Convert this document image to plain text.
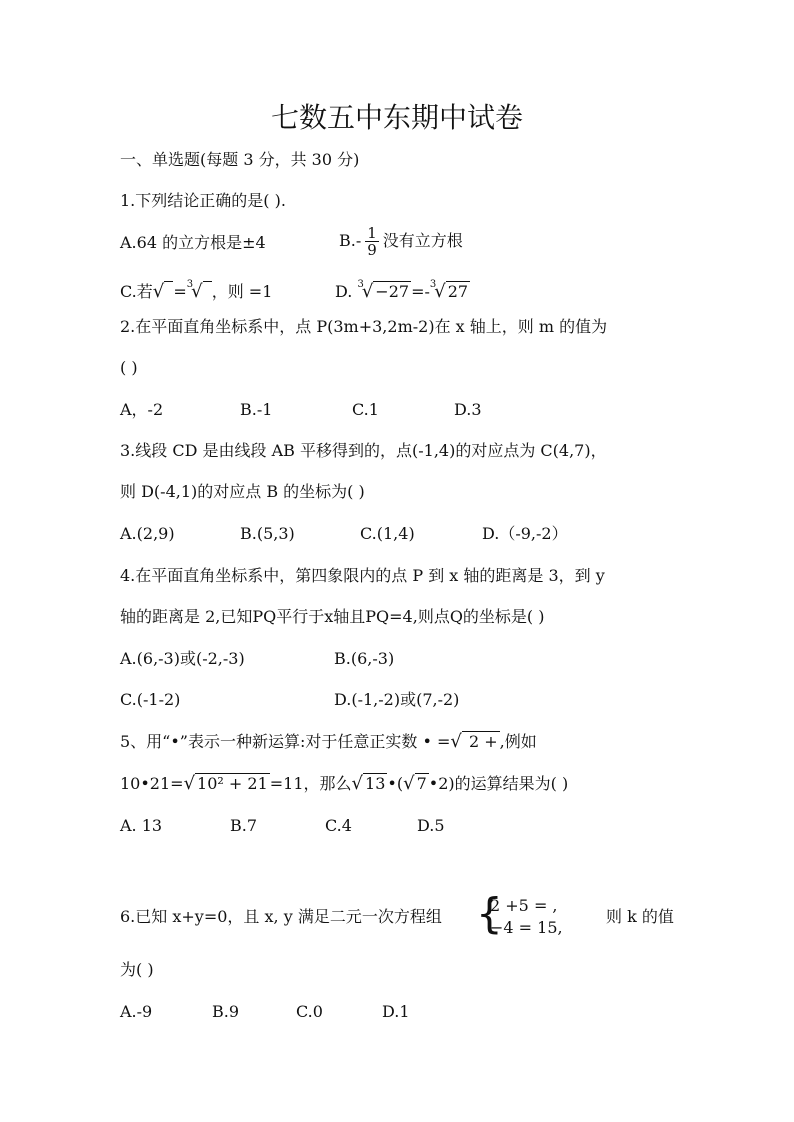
七数五中东期中试卷
一、单选题(每题 3 分，共 30 分)
1.下列结论正确的是( ).
A.64 的立方根是±4	$B.- \frac{1}{9}$ 没有立方根
C.若√ ​ =$^3$√ ，则 =1	D. $^3$√ −27 =-$^3$√ 27
2.在平面直角坐标系中，点 P(3m+3,2m-2)在 x 轴上，则 m 的值为
( )
A，-2	B.-1	C.1	D.3
3.线段 CD 是由线段 AB 平移得到的，点(-1,4)的对应点为 C(4,7)，
则 D(-4,1)的对应点 B 的坐标为( )
A.(2,9)	B.(5,3)	C.(1,4)	D.（-9,-2）
4.在平面直角坐标系中，第四象限内的点 P 到 x 轴的距离是 3，到 y
轴的距离是 2,已知PQ平行于x轴且PQ=4,则点Q的坐标是( )
A.(6,-3)或(-2,-3)	B.(6,-3)
C.(-1-2)	D.(-1,-2)或(7,-2)
5、用“•”表示一种新运算:对于任意正实数 • =√ 2 +,例如
10•21=√ 10² + 21 =11，那么√ 13 •(√ 7 •2)的运算结果为( )
A. 13	B.7	C.4	D.5
6.已知 x+y=0，且 x, y 满足二元一次方程组 {
2 +5 = ,
−4 = 15,
则 k 的值
为( )
A.-9	B.9	C.0	D.1
